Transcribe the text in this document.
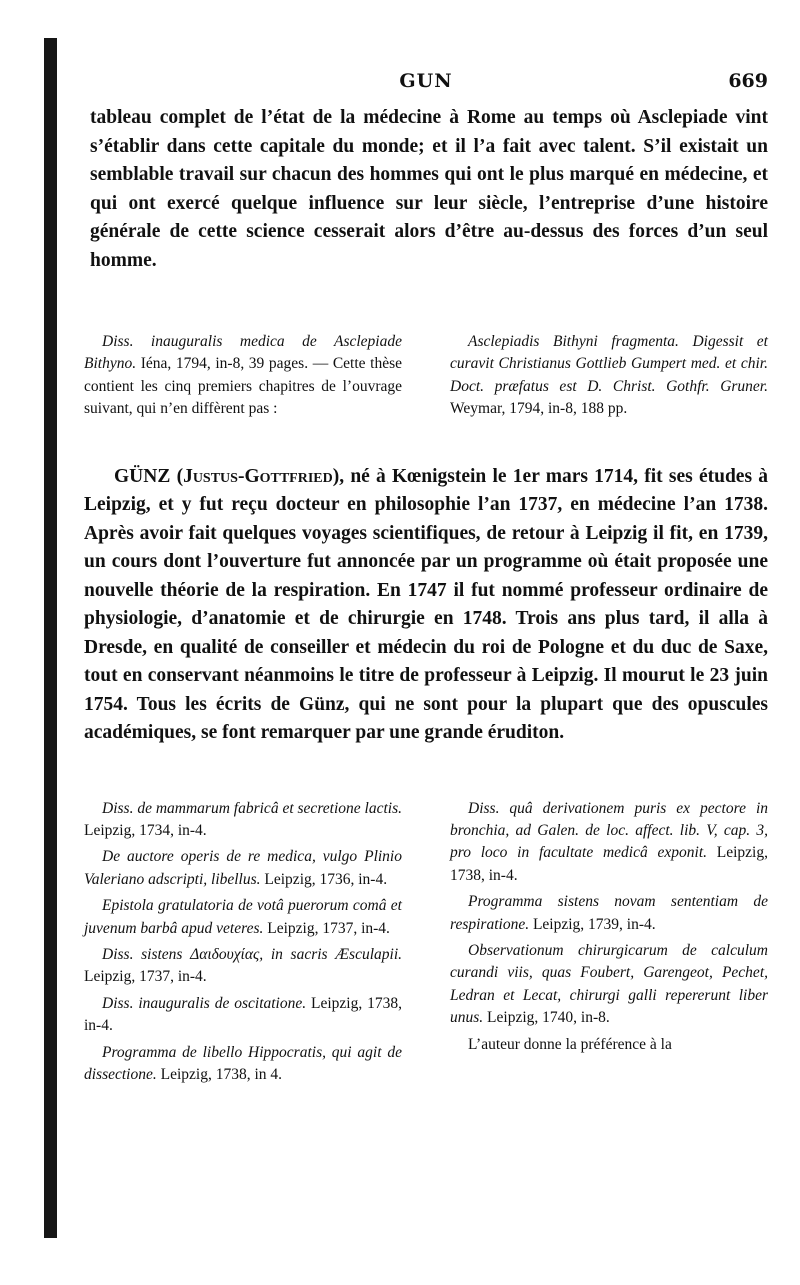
GUN	669

tableau complet de l’état de la médecine à Rome au temps où Asclepiade vint s’établir dans cette capitale du monde; et il l’a fait avec talent. S’il existait un semblable travail sur chacun des hommes qui ont le plus marqué en médecine, et qui ont exercé quelque influence sur leur siècle, l’entreprise d’une histoire générale de cette science cesserait alors d’être au-dessus des forces d’un seul homme.

Diss. inauguralis medica de Asclepiade Bithyno. Iéna, 1794, in-8, 39 pages. — Cette thèse contient les cinq premiers chapitres de l’ouvrage suivant, qui n’en diffèrent pas :

Asclepiadis Bithyni fragmenta. Digessit et curavit Christianus Gottlieb Gumpert med. et chir. Doct. præfatus est D. Christ. Gothfr. Gruner. Weymar, 1794, in-8, 188 pp.

GÜNZ (Justus-Gottfried), né à Kœnigstein le 1er mars 1714, fit ses études à Leipzig, et y fut reçu docteur en philosophie l’an 1737, en médecine l’an 1738. Après avoir fait quelques voyages scientifiques, de retour à Leipzig il fit, en 1739, un cours dont l’ouverture fut annoncée par un programme où était proposée une nouvelle théorie de la respiration. En 1747 il fut nommé professeur ordinaire de physiologie, d’anatomie et de chirurgie en 1748. Trois ans plus tard, il alla à Dresde, en qualité de conseiller et médecin du roi de Pologne et du duc de Saxe, tout en conservant néanmoins le titre de professeur à Leipzig. Il mourut le 23 juin 1754. Tous les écrits de Günz, qui ne sont pour la plupart que des opuscules académiques, se font remarquer par une grande éruditon.

Diss. de mammarum fabricâ et secretione lactis. Leipzig, 1734, in-4.

De auctore operis de re medica, vulgo Plinio Valeriano adscripti, libellus. Leipzig, 1736, in-4.

Epistola gratulatoria de votâ puerorum comâ et juvenum barbâ apud veteres. Leipzig, 1737, in-4.

Diss. sistens Δαιδουχίας, in sacris Æsculapii. Leipzig, 1737, in-4.

Diss. inauguralis de oscitatione. Leipzig, 1738, in-4.

Programma de libello Hippocratis, qui agit de dissectione. Leipzig, 1738, in 4.

Diss. quâ derivationem puris ex pectore in bronchia, ad Galen. de loc. affect. lib. V, cap. 3, pro loco in facultate medicâ exponit. Leipzig, 1738, in-4.

Programma sistens novam sententiam de respiratione. Leipzig, 1739, in-4.

Observationum chirurgicarum de calculum curandi viis, quas Foubert, Garengeot, Pechet, Ledran et Lecat, chirurgi galli repererunt liber unus. Leipzig, 1740, in-8.

L’auteur donne la préférence à la
